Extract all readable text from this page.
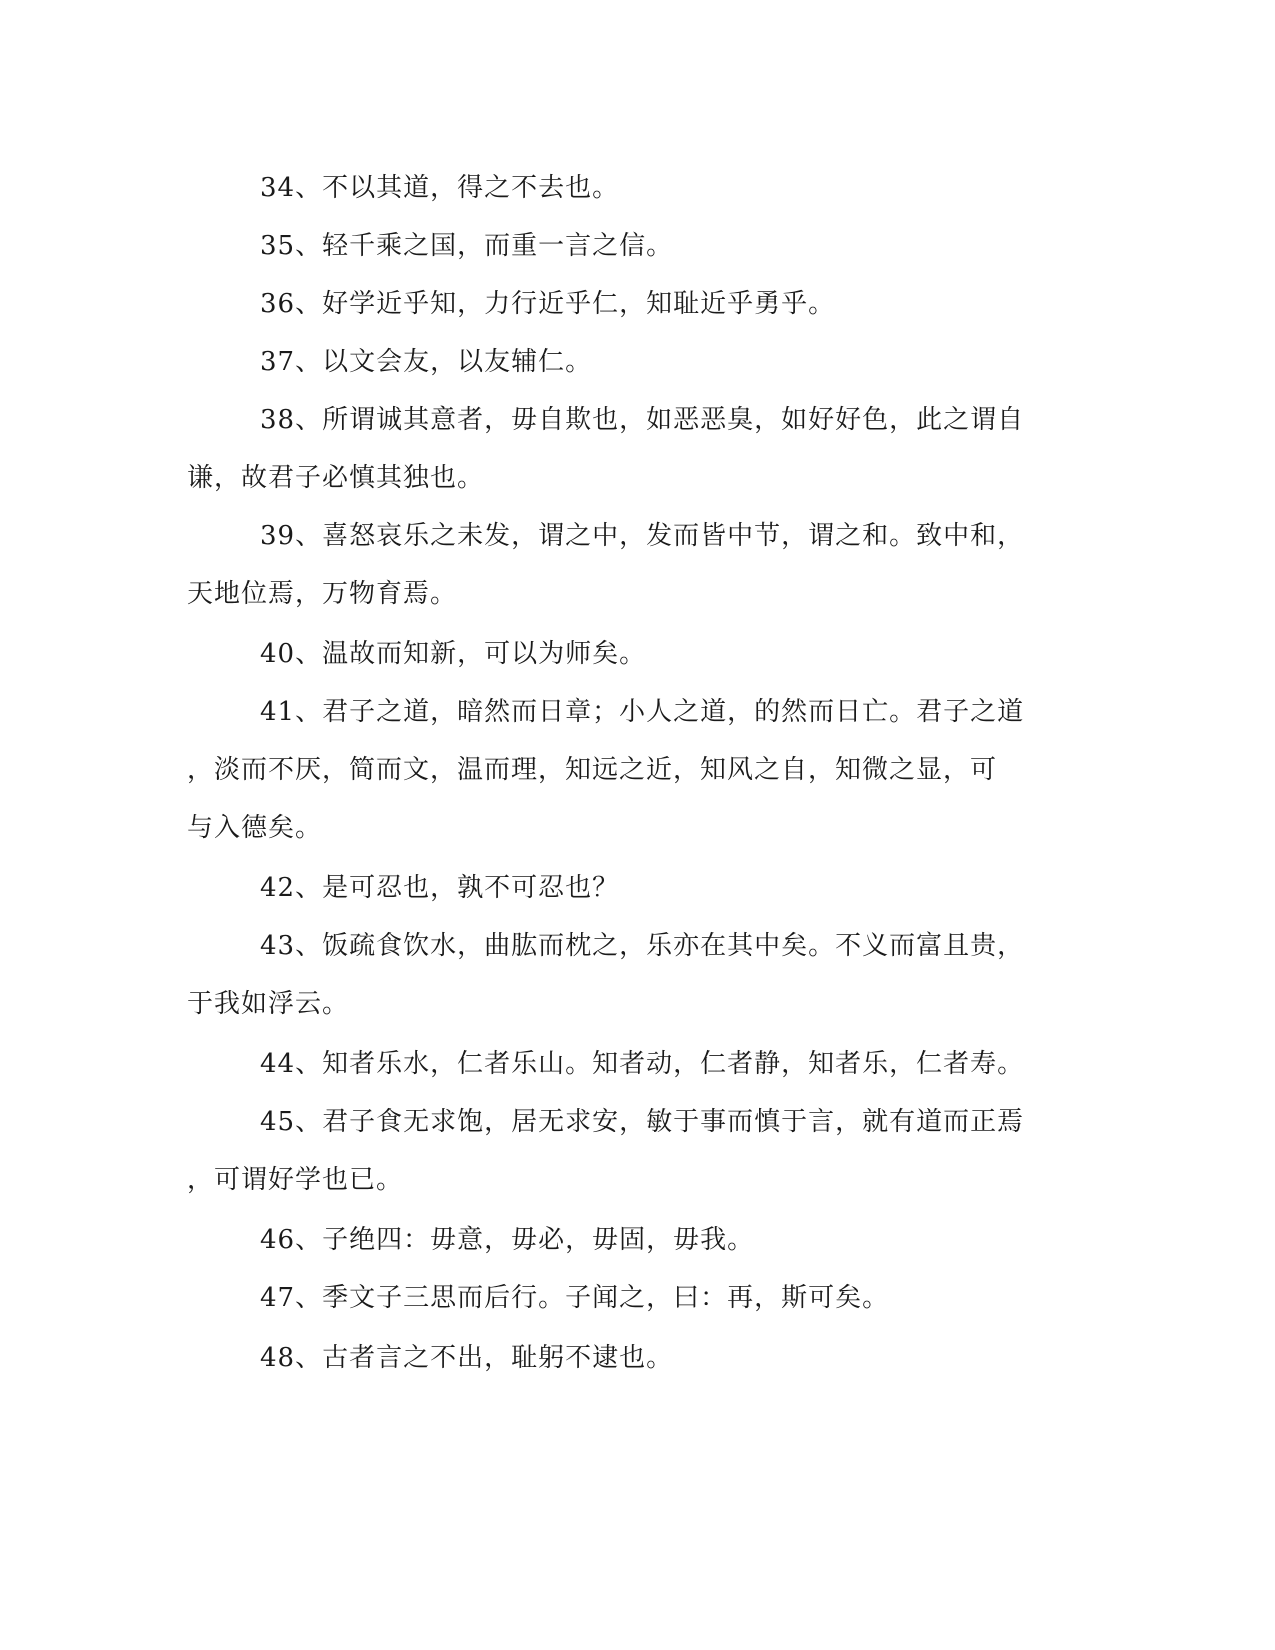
34、不以其道，得之不去也。
35、轻千乘之国，而重一言之信。
36、好学近乎知，力行近乎仁，知耻近乎勇乎。
37、以文会友，以友辅仁。
38、所谓诚其意者，毋自欺也，如恶恶臭，如好好色，此之谓自
谦，故君子必慎其独也。
39、喜怒哀乐之未发，谓之中，发而皆中节，谓之和。致中和，
天地位焉，万物育焉。
40、温故而知新，可以为师矣。
41、君子之道，暗然而日章；小人之道，的然而日亡。君子之道
，淡而不厌，简而文，温而理，知远之近，知风之自，知微之显，可
与入德矣。
42、是可忍也，孰不可忍也？
43、饭疏食饮水，曲肱而枕之，乐亦在其中矣。不义而富且贵，
于我如浮云。
44、知者乐水，仁者乐山。知者动，仁者静，知者乐，仁者寿。
45、君子食无求饱，居无求安，敏于事而慎于言，就有道而正焉
，可谓好学也已。
46、子绝四：毋意，毋必，毋固，毋我。
47、季文子三思而后行。子闻之，曰：再，斯可矣。
48、古者言之不出，耻躬不逮也。
